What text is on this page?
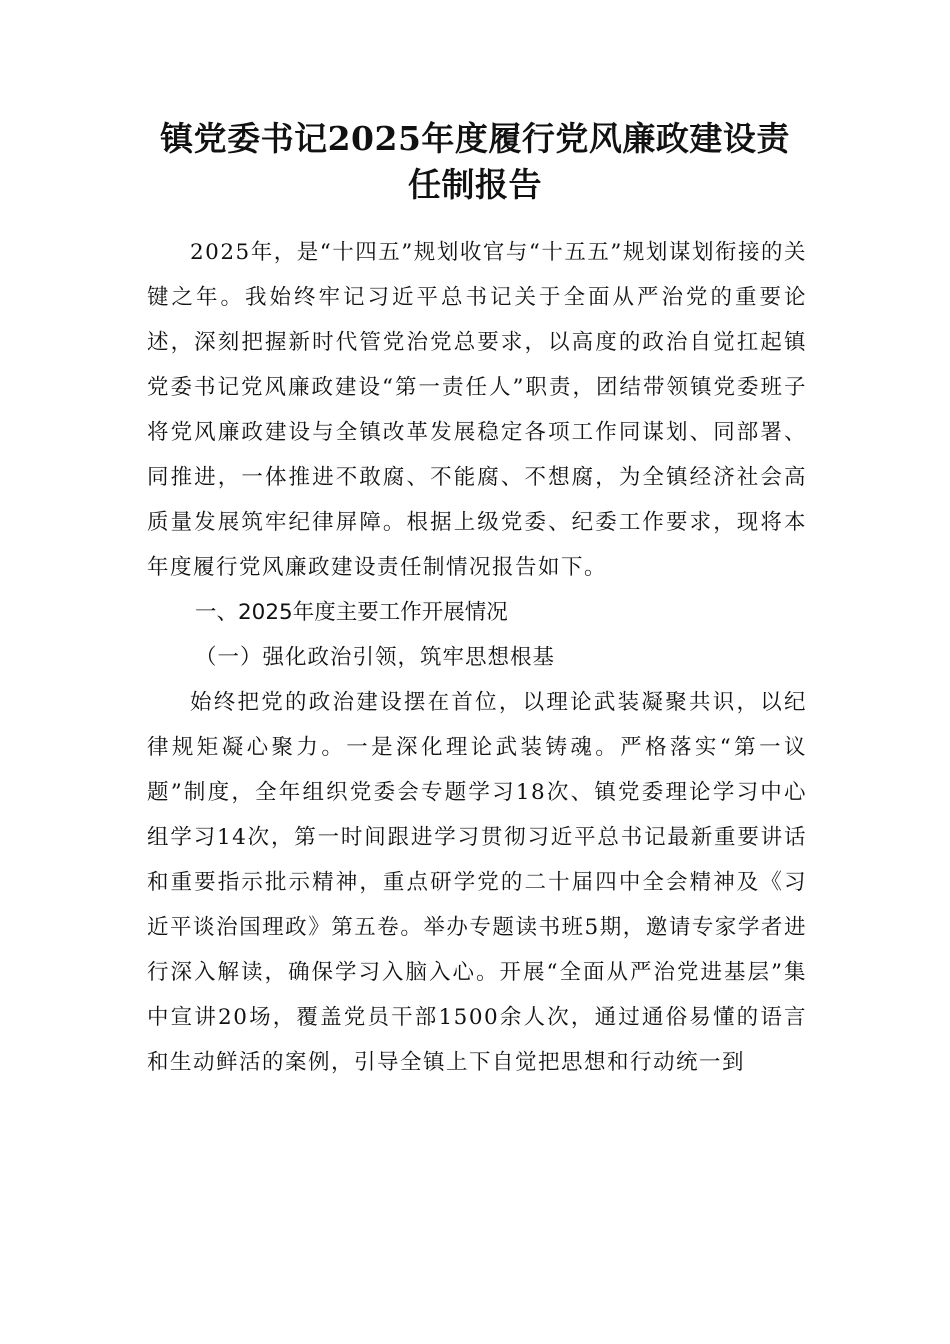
镇党委书记2025年度履行党风廉政建设责
任制报告

2025年，是“十四五”规划收官与“十五五”规划谋划衔接的关键之年。我始终牢记习近平总书记关于全面从严治党的重要论述，深刻把握新时代管党治党总要求，以高度的政治自觉扛起镇党委书记党风廉政建设“第一责任人”职责，团结带领镇党委班子将党风廉政建设与全镇改革发展稳定各项工作同谋划、同部署、同推进，一体推进不敢腐、不能腐、不想腐，为全镇经济社会高质量发展筑牢纪律屏障。根据上级党委、纪委工作要求，现将本年度履行党风廉政建设责任制情况报告如下。

一、2025年度主要工作开展情况
（一）强化政治引领，筑牢思想根基

始终把党的政治建设摆在首位，以理论武装凝聚共识，以纪律规矩凝心聚力。一是深化理论武装铸魂。严格落实“第一议题”制度，全年组织党委会专题学习18次、镇党委理论学习中心组学习14次，第一时间跟进学习贯彻习近平总书记最新重要讲话和重要指示批示精神，重点研学党的二十届四中全会精神及《习近平谈治国理政》第五卷。举办专题读书班5期，邀请专家学者进行深入解读，确保学习入脑入心。开展“全面从严治党进基层”集中宣讲20场，覆盖党员干部1500余人次，通过通俗易懂的语言和生动鲜活的案例，引导全镇上下自觉把思想和行动统一到
